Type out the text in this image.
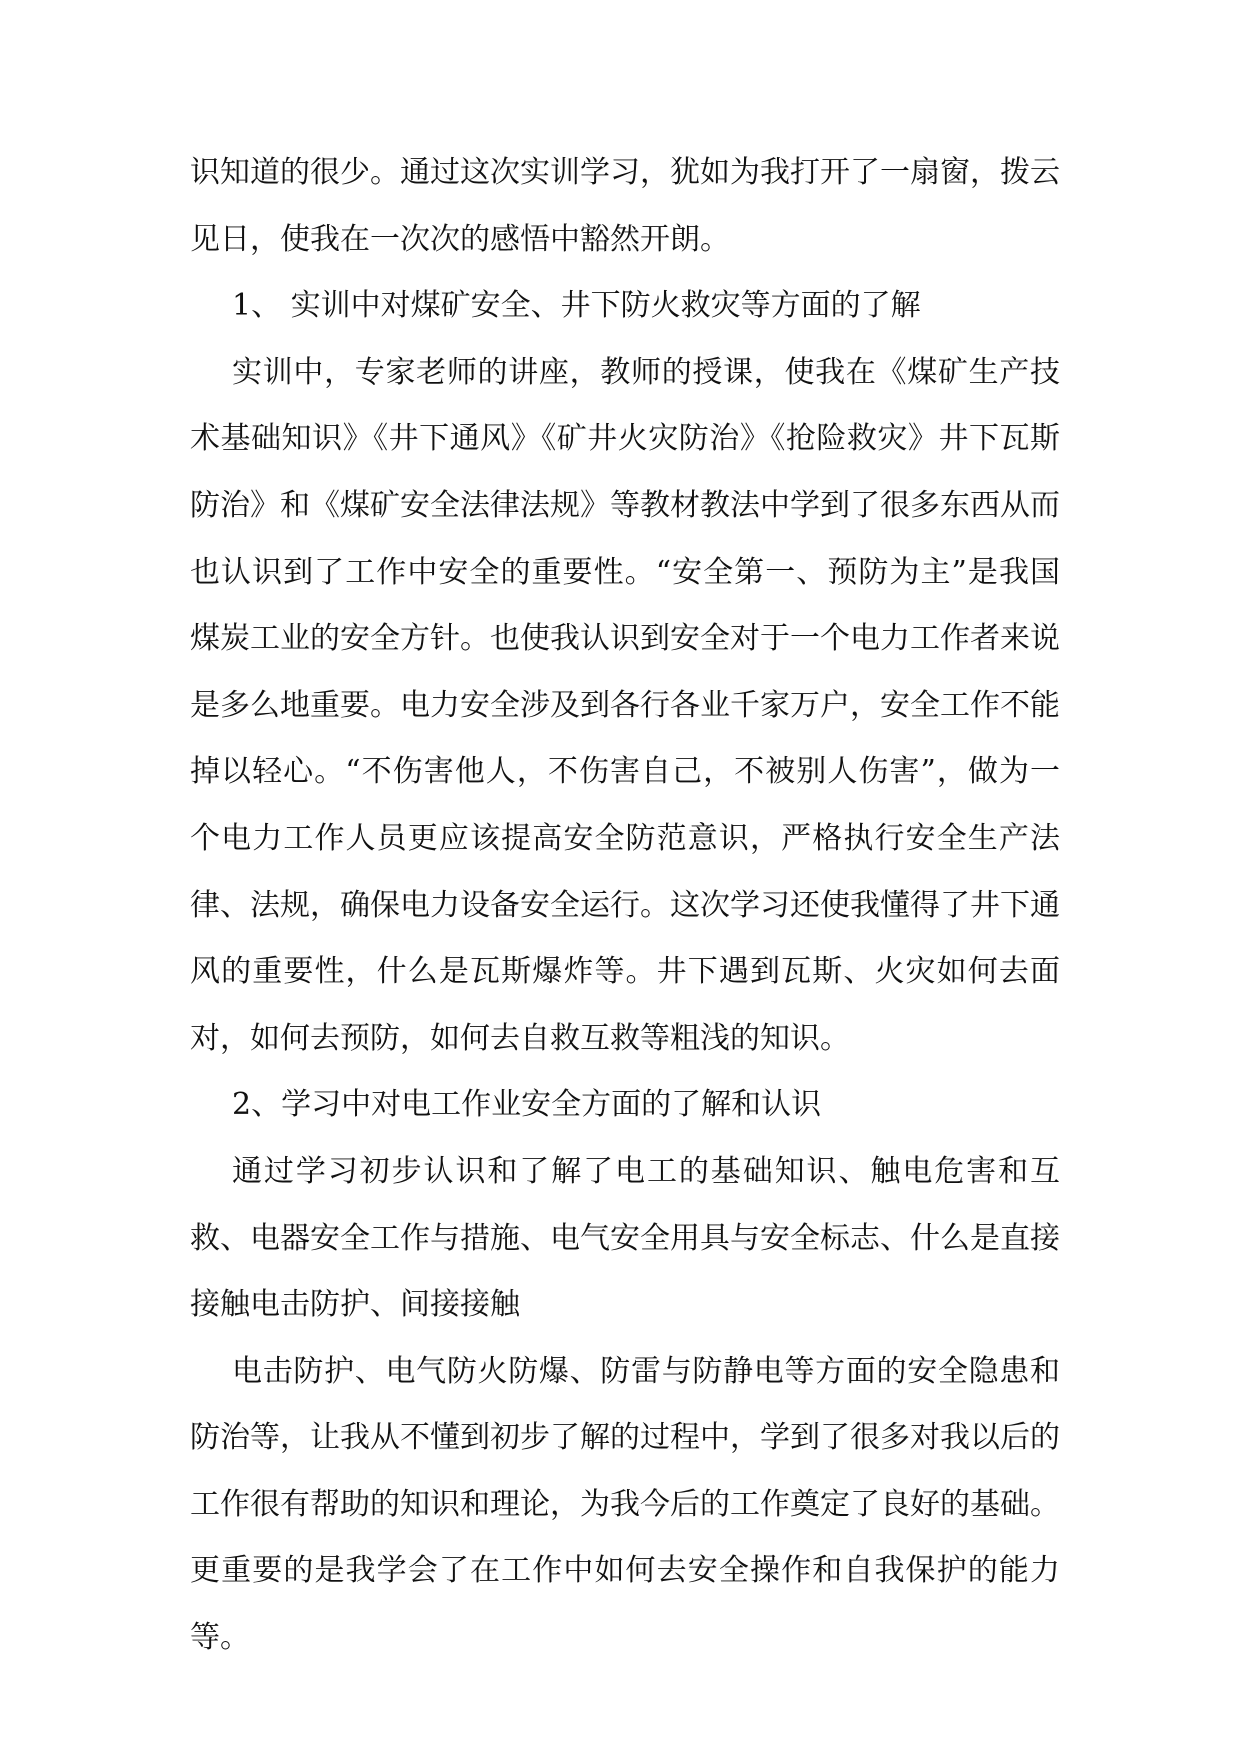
识知道的很少。通过这次实训学习，犹如为我打开了一扇窗，拨云见日，使我在一次次的感悟中豁然开朗。

1、 实训中对煤矿安全、井下防火救灾等方面的了解

实训中，专家老师的讲座，教师的授课，使我在《煤矿生产技术基础知识》《井下通风》《矿井火灾防治》《抢险救灾》井下瓦斯防治》和《煤矿安全法律法规》等教材教法中学到了很多东西从而也认识到了工作中安全的重要性。“安全第一、预防为主”是我国煤炭工业的安全方针。也使我认识到安全对于一个电力工作者来说是多么地重要。电力安全涉及到各行各业千家万户，安全工作不能掉以轻心。“不伤害他人，不伤害自己，不被别人伤害”，做为一个电力工作人员更应该提高安全防范意识，严格执行安全生产法律、法规，确保电力设备安全运行。这次学习还使我懂得了井下通风的重要性，什么是瓦斯爆炸等。井下遇到瓦斯、火灾如何去面对，如何去预防，如何去自救互救等粗浅的知识。

2、学习中对电工作业安全方面的了解和认识

通过学习初步认识和了解了电工的基础知识、触电危害和互救、电器安全工作与措施、电气安全用具与安全标志、什么是直接接触电击防护、间接接触

电击防护、电气防火防爆、防雷与防静电等方面的安全隐患和防治等，让我从不懂到初步了解的过程中，学到了很多对我以后的工作很有帮助的知识和理论，为我今后的工作奠定了良好的基础。更重要的是我学会了在工作中如何去安全操作和自我保护的能力等。
